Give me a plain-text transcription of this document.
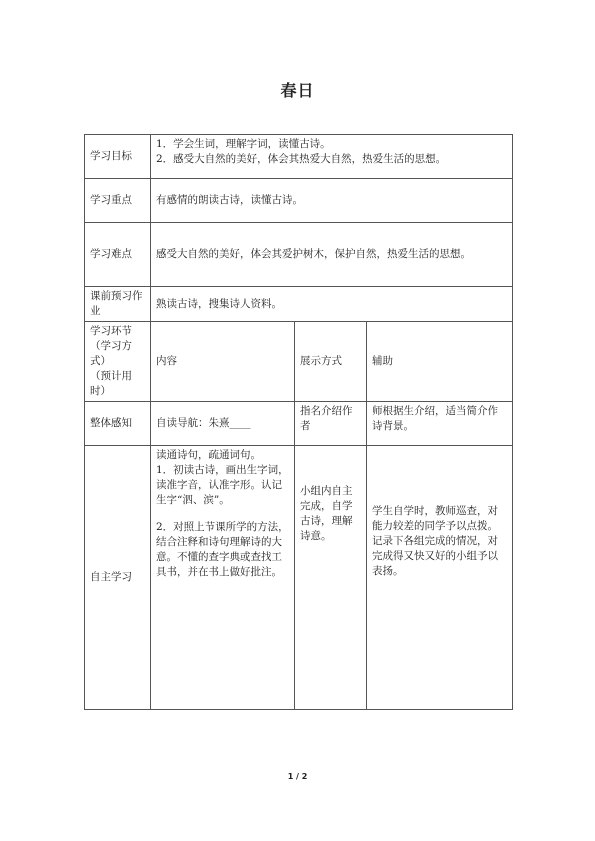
春日
学习目标	1．学会生词，理解字词，读懂古诗。
2．感受大自然的美好，体会其热爱大自然，热爱生活的思想。		

学习重点	有感情的朗读古诗，读懂古诗。		
学习难点	感受大自然的美好，体会其爱护树木，保护自然，热爱生活的思想。		
课前预习作业	熟读古诗，搜集诗人资料。		
学习环节
（学习方式）
（预计用时）	内容	展示方式	辅助
整体感知	自读导航：朱熹____	指名介绍作者	师根据生介绍，适当简介作诗背景。
自主学习	读通诗句，疏通词句。
1．初读古诗，画出生字词，读准字音，认准字形。认记生字“泗、滨”。
2．对照上节课所学的方法，结合注释和诗句理解诗的大意。不懂的查字典或查找工具书，并在书上做好批注。	小组内自主完成，自学古诗，理解诗意。	学生自学时，教师巡查，对能力较差的同学予以点拨。记录下各组完成的情况，对完成得又快又好的小组予以表扬。
1 / 2
